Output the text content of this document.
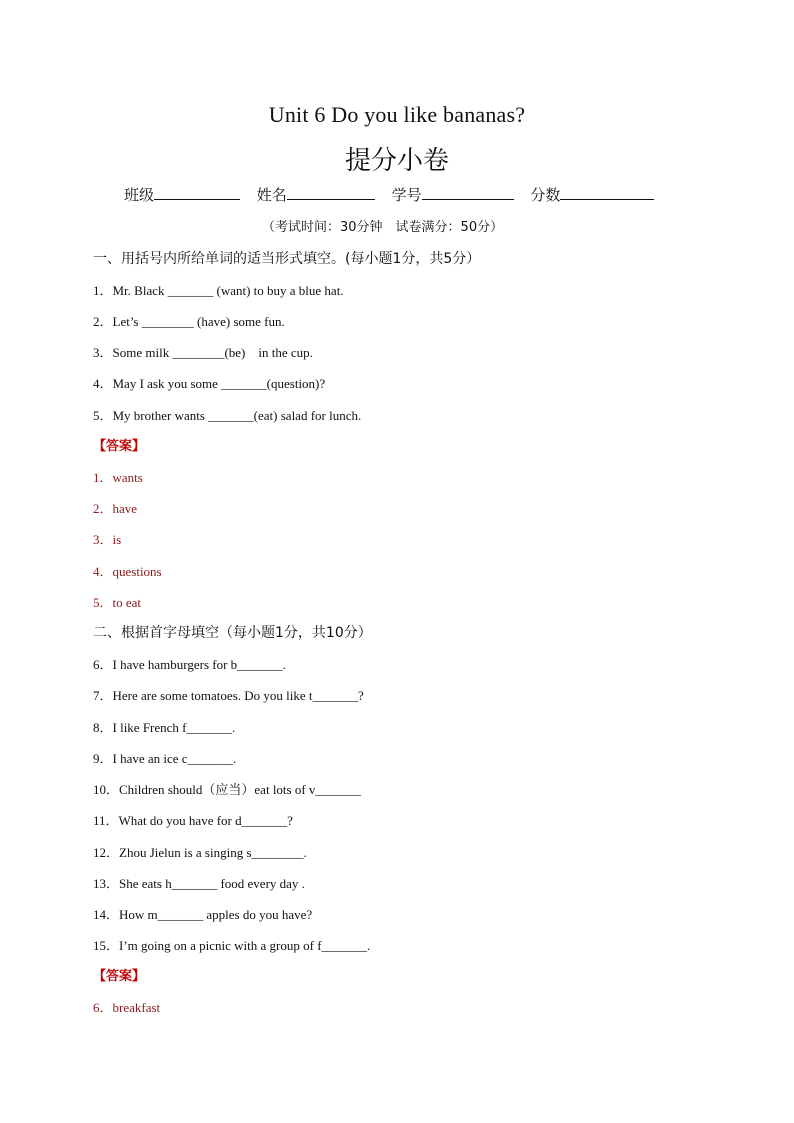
Unit 6 Do you like bananas?
提分小卷
班级	姓名	学号	分数
（考试时间：30分钟　试卷满分：50分）
一、用括号内所给单词的适当形式填空。(每小题1分，共5分）
1．Mr. Black _______ (want) to buy a blue hat.
2．Let’s ________ (have) some fun.
3．Some milk ________(be)　in the cup.
4．May I ask you some _______(question)?
5．My brother wants _______(eat) salad for lunch.
【答案】
1．wants
2．have
3．is
4．questions
5．to eat
二、根据首字母填空（每小题1分，共10分）
6．I have hamburgers for b_______.
7．Here are some tomatoes. Do you like t_______?
8．I like French f_______.
9．I have an ice c_______.
10．Children should（应当）eat lots of v_______
11．What do you have for d_______?
12．Zhou Jielun is a singing s________.
13．She eats h_______ food every day .
14．How m_______ apples do you have?
15．I’m going on a picnic with a group of f_______.
【答案】
6．breakfast
